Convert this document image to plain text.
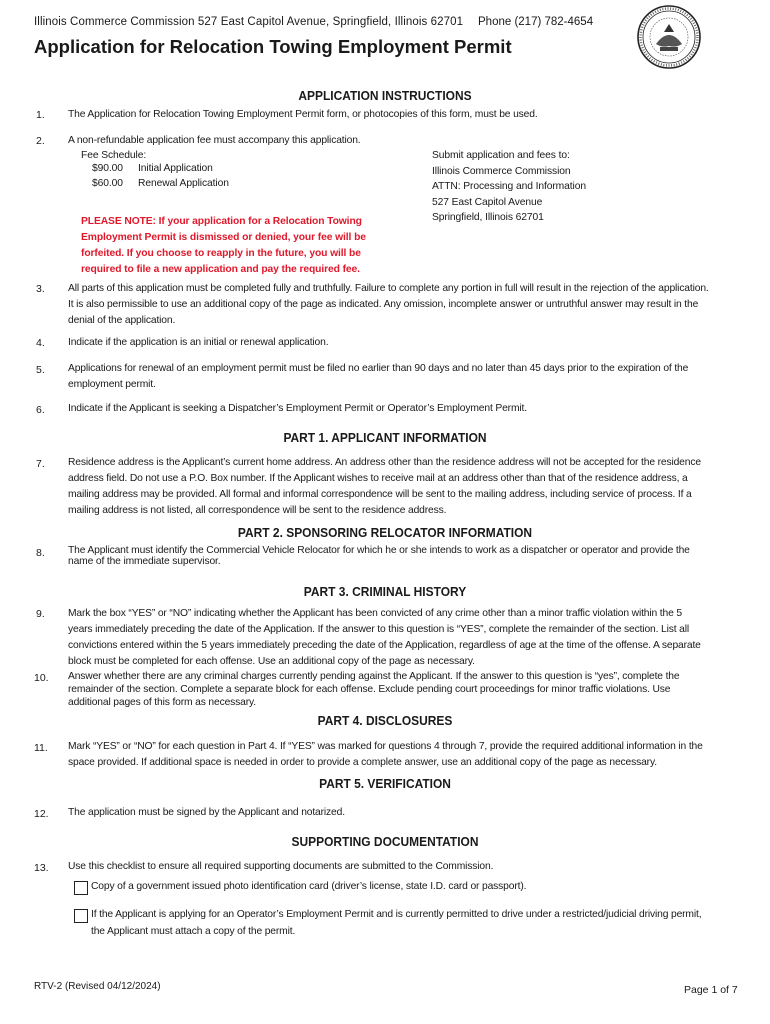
Illinois Commerce Commission 527 East Capitol Avenue, Springfield, Illinois 62701 Phone (217) 782-4654
Application for Relocation Towing Employment Permit
APPLICATION INSTRUCTIONS
1. The Application for Relocation Towing Employment Permit form, or photocopies of this form, must be used.
2. A non-refundable application fee must accompany this application.
Fee Schedule:
$90.00 Initial Application
$60.00 Renewal Application
Submit application and fees to:
Illinois Commerce Commission
ATTN: Processing and Information
527 East Capitol Avenue
Springfield, Illinois 62701
PLEASE NOTE: If your application for a Relocation Towing
Employment Permit is dismissed or denied, your fee will be
forfeited. If you choose to reapply in the future, you will be
required to file a new application and pay the required fee.
3. All parts of this application must be completed fully and truthfully. Failure to complete any portion in full will result in the rejection of the application.
It is also permissible to use an additional copy of the page as indicated. Any omission, incomplete answer or untruthful answer may result in the
denial of the application.
4. Indicate if the application is an initial or renewal application.
5. Applications for renewal of an employment permit must be filed no earlier than 90 days and no later than 45 days prior to the expiration of the
employment permit.
6. Indicate if the Applicant is seeking a Dispatcher’s Employment Permit or Operator’s Employment Permit.
PART 1. APPLICANT INFORMATION
7. Residence address is the Applicant’s current home address. An address other than the residence address will not be accepted for the residence
address field. Do not use a P.O. Box number. If the Applicant wishes to receive mail at an address other than that of the residence address, a
mailing address may be provided. All formal and informal correspondence will be sent to the mailing address, including service of process. If a
mailing address is not listed, all correspondence will be sent to the residence address.
PART 2. SPONSORING RELOCATOR INFORMATION
8. The Applicant must identify the Commercial Vehicle Relocator for which he or she intends to work as a dispatcher or operator and provide the
name of the immediate supervisor.
PART 3. CRIMINAL HISTORY
9. Mark the box “YES” or “NO” indicating whether the Applicant has been convicted of any crime other than a minor traffic violation within the 5
years immediately preceding the date of the Application. If the answer to this question is “YES”, complete the remainder of the section. List all
convictions entered within the 5 years immediately preceding the date of the Application, regardless of age at the time of the offense. A separate
block must be completed for each offense. Use an additional copy of the page as necessary.
10. Answer whether there are any criminal charges currently pending against the Applicant. If the answer to this question is “yes”, complete the
remainder of the section. Complete a separate block for each offense. Exclude pending court proceedings for minor traffic violations. Use
additional pages of this form as necessary.
PART 4. DISCLOSURES
11. Mark “YES” or “NO” for each question in Part 4. If “YES” was marked for questions 4 through 7, provide the required additional information in the
space provided. If additional space is needed in order to provide a complete answer, use an additional copy of the page as necessary.
PART 5. VERIFICATION
12. The application must be signed by the Applicant and notarized.
SUPPORTING DOCUMENTATION
13. Use this checklist to ensure all required supporting documents are submitted to the Commission.
Copy of a government issued photo identification card (driver’s license, state I.D. card or passport).
If the Applicant is applying for an Operator’s Employment Permit and is currently permitted to drive under a restricted/judicial driving permit,
the Applicant must attach a copy of the permit.
RTV-2 (Revised 04/12/2024)	Page 1 of 7
